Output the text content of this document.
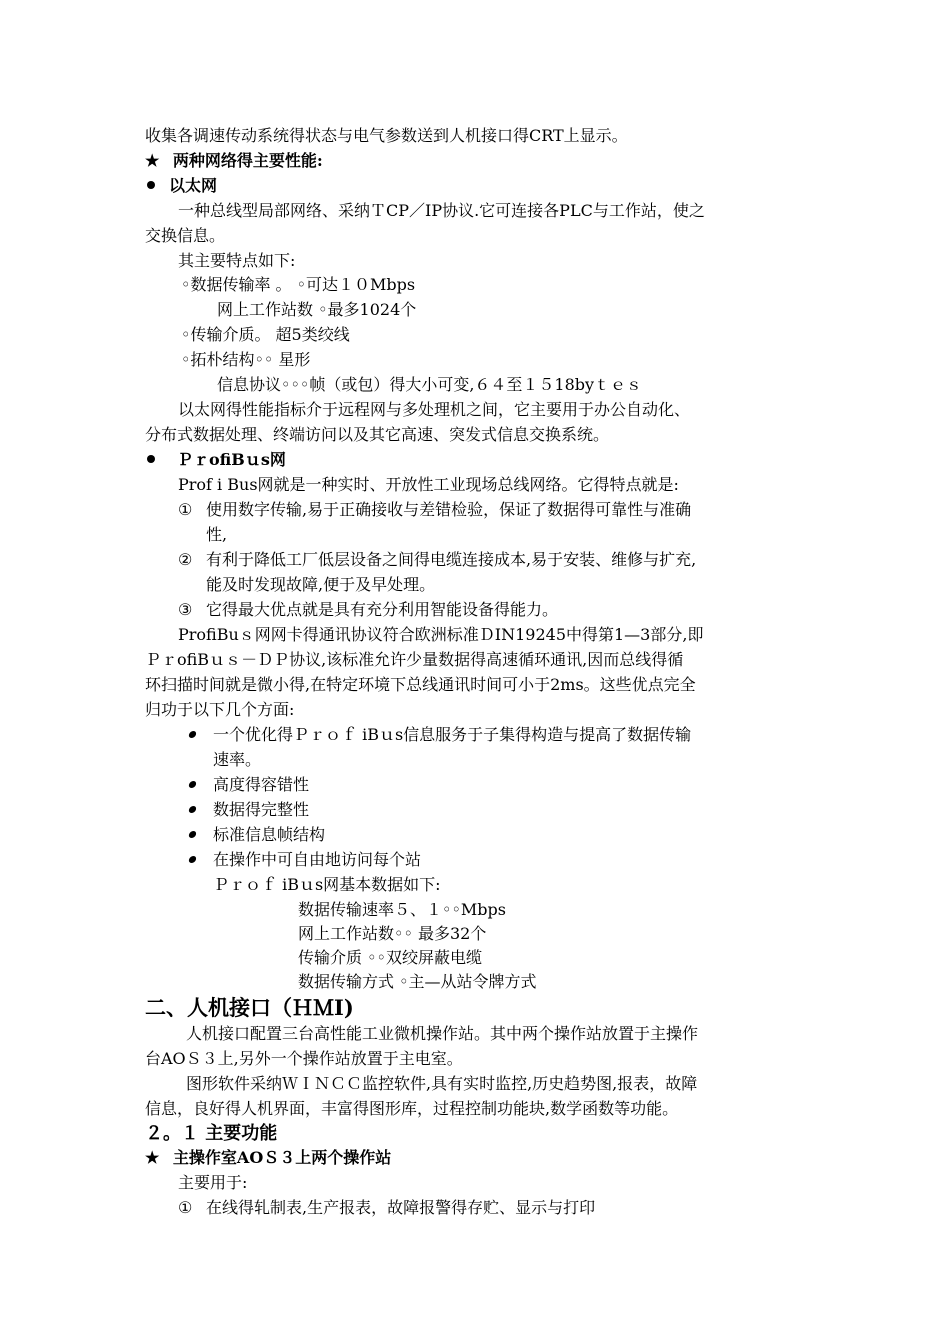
收集各调速传动系统得状态与电气参数送到人机接口得CRT上显示。
★ 两种网络得主要性能:
以太网
一种总线型局部网络、采纳ＴCP／IP协议.它可连接各PLC与工作站，使之
交换信息。
其主要特点如下:
◦数据传输率 。 ◦可达１０Mbps
网上工作站数 ◦最多1024个
◦传输介质。 超5类绞线
◦拓朴结构◦◦ 星形
信息协议◦◦◦帧（或包）得大小可变,６４至１５18byｔｅｓ
以太网得性能指标介于远程网与多处理机之间，它主要用于办公自动化、
分布式数据处理、终端访问以及其它高速、突发式信息交换系统。
ＰｒofiBｕs网
Prof i Bus网就是一种实时、开放性工业现场总线网络。它得特点就是:
① 使用数字传输,易于正确接收与差错检验，保证了数据得可靠性与准确
性,
② 有利于降低工厂低层设备之间得电缆连接成本,易于安装、维修与扩充,
能及时发现故障,便于及早处理。
③ 它得最大优点就是具有充分利用智能设备得能力。
ProfiBuｓ网网卡得通讯协议符合欧洲标准ＤIN19245中得第1—3部分,即
ＰｒofiBｕｓ－ＤＰ协议,该标准允许少量数据得高速循环通讯,因而总线得循
环扫描时间就是微小得,在特定环境下总线通讯时间可小于2ms。这些优点完全
归功于以下几个方面:
一个优化得Ｐｒｏｆ iBｕs信息服务于子集得构造与提高了数据传输
速率。
高度得容错性
数据得完整性
标准信息帧结构
在操作中可自由地访问每个站
Ｐｒｏｆ iBｕs网基本数据如下:
数据传输速率５、１◦◦Mbps
网上工作站数◦◦ 最多32个
传输介质 ◦◦双绞屏蔽电缆
数据传输方式 ◦主—从站令牌方式
二、人机接口（ＨＭI)
人机接口配置三台高性能工业微机操作站。其中两个操作站放置于主操作
台AOＳ３上,另外一个操作站放置于主电室。
图形软件采纳ＷＩＮＣＣ监控软件,具有实时监控,历史趋势图,报表，故障
信息，良好得人机界面，丰富得图形库，过程控制功能块,数学函数等功能。
２。１ 主要功能
★ 主操作室AOＳ３上两个操作站
主要用于:
① 在线得轧制表,生产报表，故障报警得存贮、显示与打印
